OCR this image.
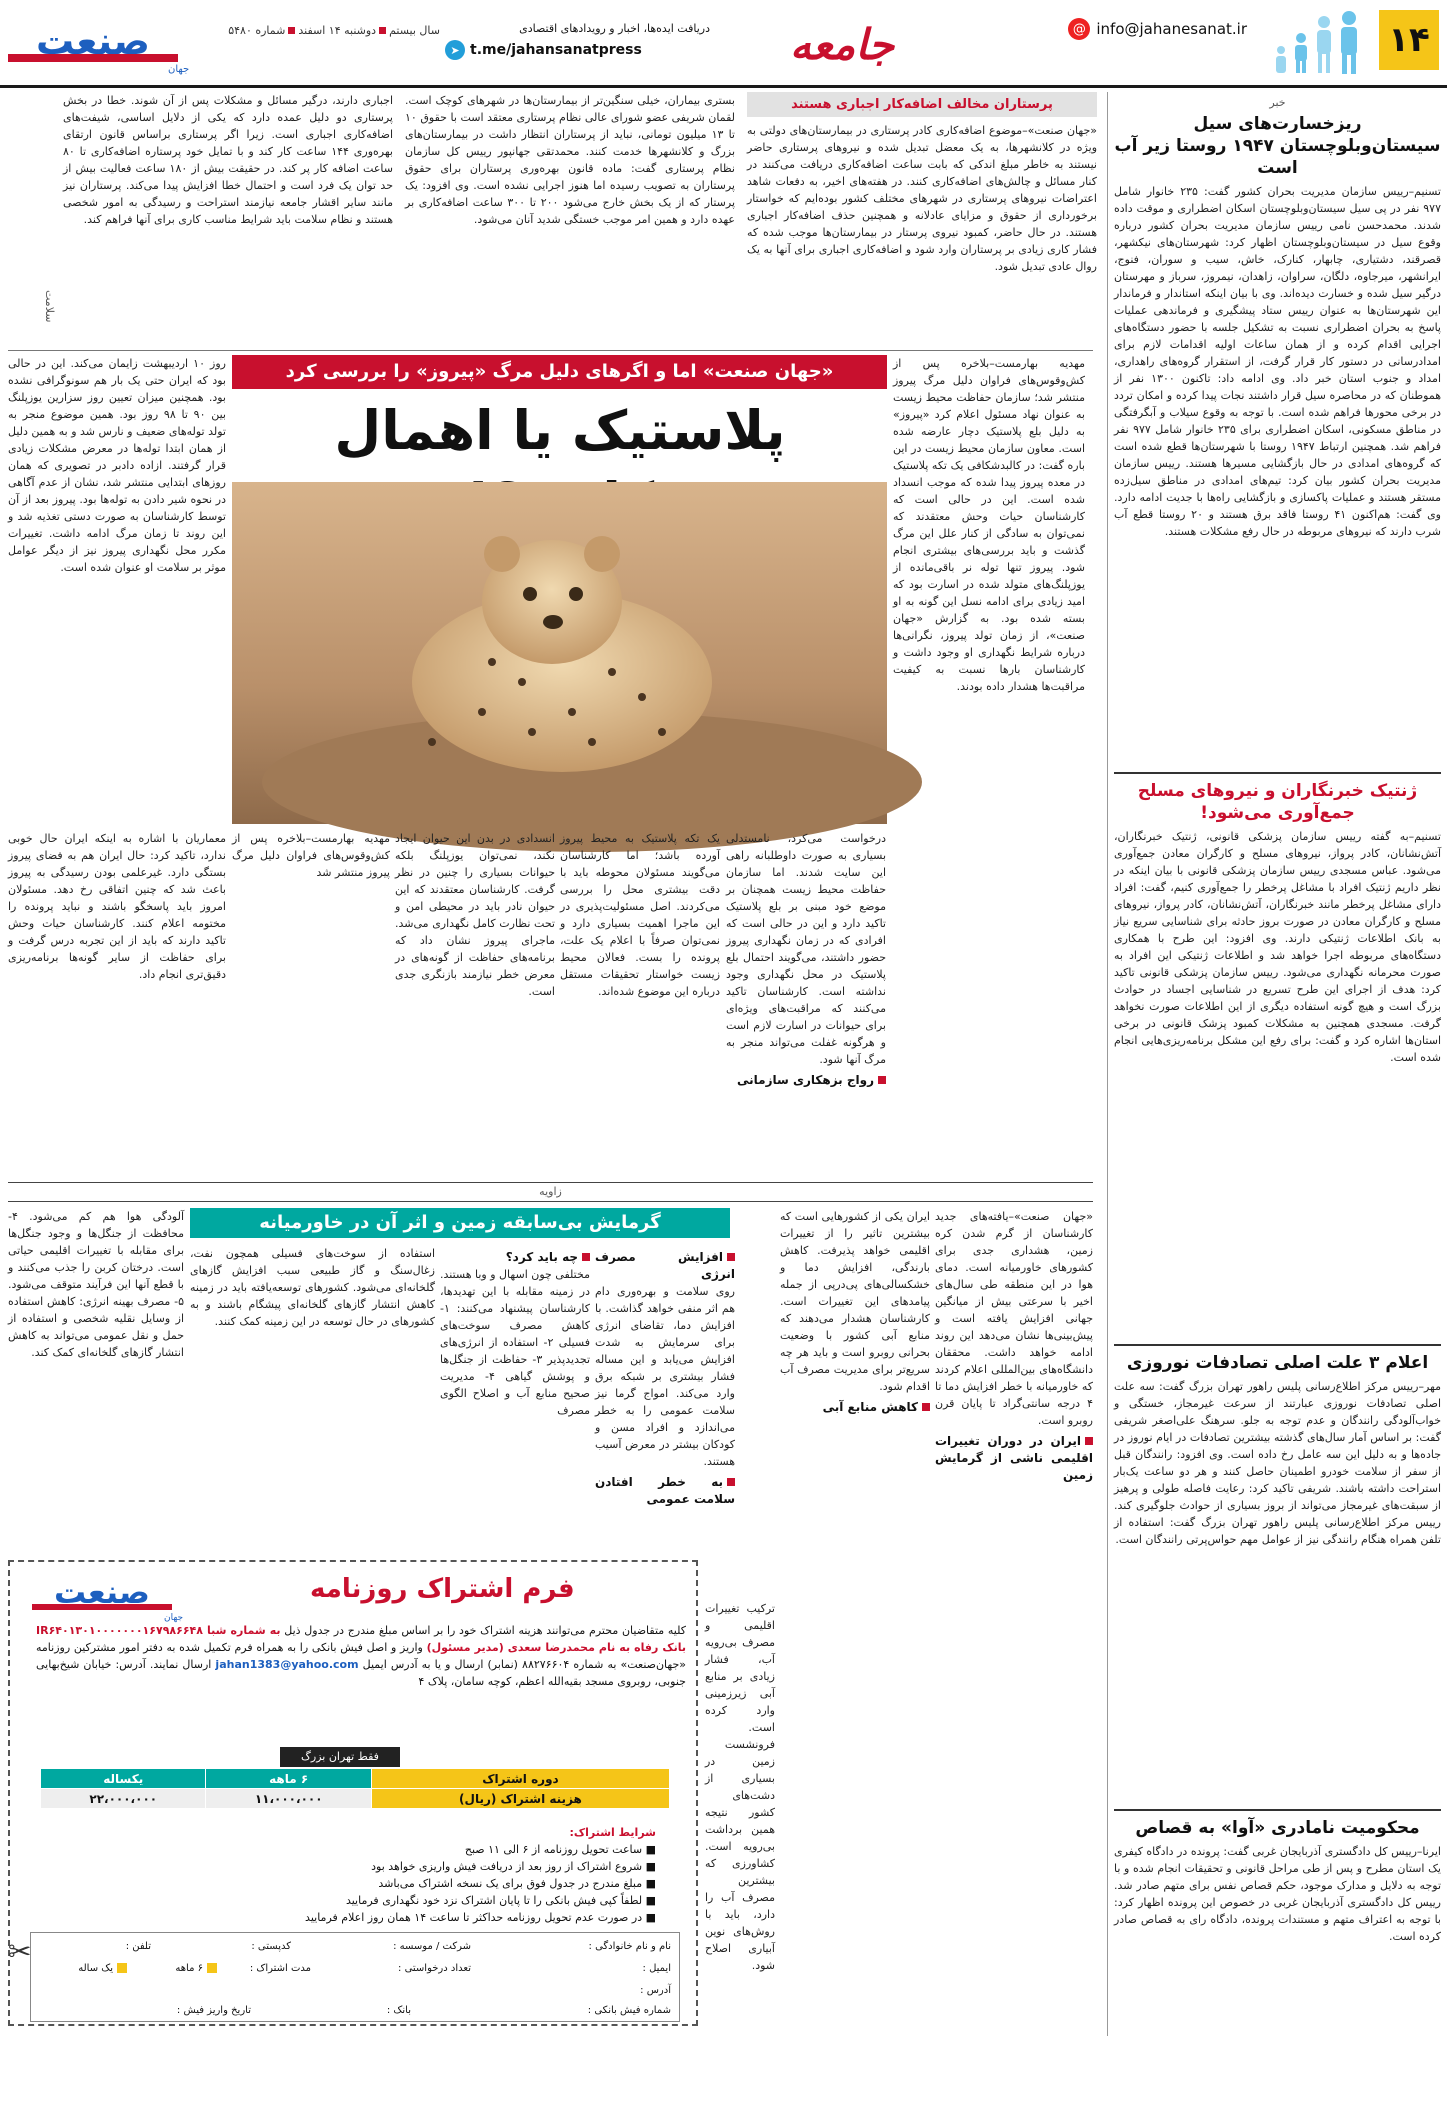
۱۴
@ info@jahanesanat.ir
جامعه
دریافت ایده‌ها، اخبار و رویدادهای اقتصادی
t.me/jahansanatpress
➤
سال بیستمدوشنبه ۱۴ اسفندشماره ۵۴۸۰
صنعت
جهان
خبر
ریزخسارت‌های سیل سیستان‌وبلوچستان ۱۹۴۷ روستا زیر آب است
تسنیم–رییس سازمان مدیریت بحران کشور گفت: ۲۳۵ خانوار شامل ۹۷۷ نفر در پی سیل سیستان‌وبلوچستان اسکان اضطراری و موقت داده شدند. محمدحسن نامی رییس سازمان مدیریت بحران کشور درباره وقوع سیل در سیستان‌وبلوچستان اظهار کرد: شهرستان‌های نیکشهر، قصرقند، دشتیاری، چابهار، کنارک، خاش، سیب و سوران، فنوج، ایرانشهر، میرجاوه، دلگان، سراوان، زاهدان، نیمروز، سرباز و مهرستان درگیر سیل شده و خسارت دیده‌اند. وی با بیان اینکه استاندار و فرماندار این شهرستان‌ها به عنوان رییس ستاد پیشگیری و فرماندهی عملیات پاسخ به بحران اضطراری نسبت به تشکیل جلسه با حضور دستگاه‌های اجرایی اقدام کرده و از همان ساعات اولیه اقدامات لازم برای امدادرسانی در دستور کار قرار گرفت، از استقرار گروه‌های راهداری، امداد و جنوب استان خبر داد. وی ادامه داد: تاکنون ۱۳۰۰ نفر از هموطنان که در محاصره سیل قرار داشتند نجات پیدا کرده و امکان تردد در برخی محورها فراهم شده است. با توجه به وقوع سیلاب و آبگرفتگی در مناطق مسکونی، اسکان اضطراری برای ۲۳۵ خانوار شامل ۹۷۷ نفر فراهم شد. همچنین ارتباط ۱۹۴۷ روستا با شهرستان‌ها قطع شده است که گروه‌های امدادی در حال بازگشایی مسیرها هستند. رییس سازمان مدیریت بحران کشور بیان کرد: تیم‌های امدادی در مناطق سیل‌زده مستقر هستند و عملیات پاکسازی و بازگشایی راه‌ها با جدیت ادامه دارد. وی گفت: هم‌اکنون ۴۱ روستا فاقد برق هستند و ۲۰ روستا قطع آب شرب دارند که نیروهای مربوطه در حال رفع مشکلات هستند.
ژنتیک خبرنگاران و نیروهای مسلح جمع‌آوری می‌شود!
تسنیم–به گفته رییس سازمان پزشکی قانونی، ژنتیک خبرنگاران، آتش‌نشانان، کادر پرواز، نیروهای مسلح و کارگران معادن جمع‌آوری می‌شود. عباس مسجدی رییس سازمان پزشکی قانونی با بیان اینکه در نظر داریم ژنتیک افراد با مشاغل پرخطر را جمع‌آوری کنیم، گفت: افراد دارای مشاغل پرخطر مانند خبرنگاران، آتش‌نشانان، کادر پرواز، نیروهای مسلح و کارگران معادن در صورت بروز حادثه برای شناسایی سریع نیاز به بانک اطلاعات ژنتیکی دارند. وی افزود: این طرح با همکاری دستگاه‌های مربوطه اجرا خواهد شد و اطلاعات ژنتیکی این افراد به صورت محرمانه نگهداری می‌شود. رییس سازمان پزشکی قانونی تاکید کرد: هدف از اجرای این طرح تسریع در شناسایی اجساد در حوادث بزرگ است و هیچ گونه استفاده دیگری از این اطلاعات صورت نخواهد گرفت. مسجدی همچنین به مشکلات کمبود پزشک قانونی در برخی استان‌ها اشاره کرد و گفت: برای رفع این مشکل برنامه‌ریزی‌هایی انجام شده است.
اعلام ۳ علت اصلی تصادفات نوروزی
مهر–رییس مرکز اطلاع‌رسانی پلیس راهور تهران بزرگ گفت: سه علت اصلی تصادفات نوروزی عبارتند از سرعت غیرمجاز، خستگی و خواب‌آلودگی رانندگان و عدم توجه به جلو. سرهنگ علی‌اصغر شریفی گفت: بر اساس آمار سال‌های گذشته بیشترین تصادفات در ایام نوروز در جاده‌ها و به دلیل این سه عامل رخ داده است. وی افزود: رانندگان قبل از سفر از سلامت خودرو اطمینان حاصل کنند و هر دو ساعت یک‌بار استراحت داشته باشند. شریفی تاکید کرد: رعایت فاصله طولی و پرهیز از سبقت‌های غیرمجاز می‌تواند از بروز بسیاری از حوادث جلوگیری کند. رییس مرکز اطلاع‌رسانی پلیس راهور تهران بزرگ گفت: استفاده از تلفن همراه هنگام رانندگی نیز از عوامل مهم حواس‌پرتی رانندگان است.
محکومیت نامادری «آوا» به قصاص
ایرنا–رییس کل دادگستری آذربایجان غربی گفت: پرونده در دادگاه کیفری یک استان مطرح و پس از طی مراحل قانونی و تحقیقات انجام شده و با توجه به دلایل و مدارک موجود، حکم قصاص نفس برای متهم صادر شد. رییس کل دادگستری آذربایجان غربی در خصوص این پرونده اظهار کرد: با توجه به اعتراف متهم و مستندات پرونده، دادگاه رای به قصاص صادر کرده است.
پرستاران مخالف اضافه‌کار اجباری هستند
«جهان صنعت»–موضوع اضافه‌کاری کادر پرستاری در بیمارستان‌های دولتی به ویژه در کلانشهرها، به یک معضل تبدیل شده و نیروهای پرستاری حاضر نیستند به خاطر مبلغ اندکی که بابت ساعت اضافه‌کاری دریافت می‌کنند در کنار مسائل و چالش‌های اضافه‌کاری کنند. در هفته‌های اخیر، به دفعات شاهد اعتراضات نیروهای پرستاری در شهرهای مختلف کشور بوده‌ایم که خواستار برخورداری از حقوق و مزایای عادلانه و همچنین حذف اضافه‌کار اجباری هستند. در حال حاضر، کمبود نیروی پرستار در بیمارستان‌ها موجب شده که فشار کاری زیادی بر پرستاران وارد شود و اضافه‌کاری اجباری برای آنها به یک روال عادی تبدیل شود.
بستری بیماران، خیلی سنگین‌تر از بیمارستان‌ها در شهرهای کوچک است. لقمان شریفی عضو شورای عالی نظام پرستاری معتقد است با حقوق ۱۰ تا ۱۳ میلیون تومانی، نباید از پرستاران انتظار داشت در بیمارستان‌های بزرگ و کلانشهرها خدمت کنند. محمدتقی جهانپور رییس کل سازمان نظام پرستاری گفت: ماده قانون بهره‌وری پرستاران برای حقوق پرستاران به تصویب رسیده اما هنوز اجرایی نشده است. وی افزود: یک پرستار که از یک بخش خارج می‌شود ۲۰۰ تا ۳۰۰ ساعت اضافه‌کاری بر عهده دارد و همین امر موجب خستگی شدید آنان می‌شود.
اجباری دارند، درگیر مسائل و مشکلات پس از آن شوند. خطا در بخش پرستاری دو دلیل عمده دارد که یکی از دلایل اساسی، شیفت‌های اضافه‌کاری اجباری است. زیرا اگر پرستاری براساس قانون ارتقای بهره‌وری ۱۴۴ ساعت کار کند و با تمایل خود پرستاره اضافه‌کاری تا ۸۰ ساعت اضافه کار پر کند. در حقیقت بیش از ۱۸۰ ساعت فعالیت بیش از حد توان یک فرد است و احتمال خطا افزایش پیدا می‌کند. پرستاران نیز مانند سایر اقشار جامعه نیازمند استراحت و رسیدگی به امور شخصی هستند و نظام سلامت باید شرایط مناسب کاری برای آنها فراهم کند.
سلامت
«جهان صنعت» اما و اگرهای دلیل مرگ «پیروز» را بررسی کرد
پلاستیک یا اهمال
مهدیه بهارمست–بلاخره پس از کش‌وقوس‌های فراوان دلیل مرگ پیروز منتشر شد؛ سازمان حفاظت محیط زیست به عنوان نهاد مسئول اعلام کرد «پیروز» به دلیل بلع پلاستیک دچار عارضه شده است. معاون سازمان محیط زیست در این باره گفت: در کالبدشکافی یک تکه پلاستیک در معده پیروز پیدا شده که موجب انسداد شده است. این در حالی است که کارشناسان حیات وحش معتقدند که نمی‌توان به سادگی از کنار علل این مرگ گذشت و باید بررسی‌های بیشتری انجام شود. پیروز تنها توله نر باقی‌مانده از یوزپلنگ‌های متولد شده در اسارت بود که امید زیادی برای ادامه نسل این گونه به او بسته شده بود. به گزارش «جهان صنعت»، از زمان تولد پیروز، نگرانی‌ها درباره شرایط نگهداری او وجود داشت و کارشناسان بارها نسبت به کیفیت مراقبت‌ها هشدار داده بودند.
روز ۱۰ اردیبهشت زایمان می‌کند. این در حالی بود که ایران حتی یک بار هم سونوگرافی نشده بود. همچنین میزان تعیین روز سزارین یوزپلنگ بین ۹۰ تا ۹۸ روز بود. همین موضوع منجر به تولد توله‌های ضعیف و نارس شد و به همین دلیل از همان ابتدا توله‌ها در معرض مشکلات زیادی قرار گرفتند. ازاده دادبر در تصویری که همان روزهای ابتدایی منتشر شد، نشان از عدم آگاهی در نحوه شیر دادن به توله‌ها بود. پیروز بعد از آن توسط کارشناسان به صورت دستی تغذیه شد و این روند تا زمان مرگ ادامه داشت. تغییرات مکرر محل نگهداری پیروز نیز از دیگر عوامل موثر بر سلامت او عنوان شده است.
معماریان با اشاره به اینکه ایران حال خوبی ندارد، تاکید کرد: حال ایران هم به فضای پیروز بستگی دارد. غیرعلمی بودن رسیدگی به پیروز باعث شد که چنین اتفاقی رخ دهد. مسئولان امروز باید پاسخگو باشند و نباید پرونده را مختومه اعلام کنند. کارشناسان حیات وحش تاکید دارند که باید از این تجربه درس گرفت و برای حفاظت از سایر گونه‌ها برنامه‌ریزی دقیق‌تری انجام داد.
درخواست می‌کرد، نامستدلی بسیاری به صورت داوطلبانه راهی این سایت شدند. اما سازمان حفاظت محیط زیست همچنان بر موضع خود مبنی بر بلع پلاستیک تاکید دارد و این در حالی است که افرادی که در زمان نگهداری پیروز حضور داشتند، می‌گویند احتمال بلع پلاستیک در محل نگهداری وجود نداشته است. کارشناسان تاکید می‌کنند که مراقبت‌های ویژه‌ای برای حیوانات در اسارت لازم است و هرگونه غفلت می‌تواند منجر به مرگ آنها شود.
رواج بزهکاری سازمانی
یک تکه پلاستیک به محیط پیروز آورده باشد؛ اما کارشناسان می‌گویند مسئولان محوطه باید با دقت بیشتری محل را بررسی می‌کردند. اصل مسئولیت‌پذیری در این ماجرا اهمیت بسیاری دارد و نمی‌توان صرفاً با اعلام یک علت، پرونده را بست. فعالان محیط زیست خواستار تحقیقات مستقل درباره این موضوع شده‌اند.
انسدادی در بدن این حیوان ایجاد نکند، نمی‌توان یوزپلنگ بلکه حیوانات بسیاری را چنین در نظر گرفت. کارشناسان معتقدند که این حیوان نادر باید در محیطی امن و تحت نظارت کامل نگهداری می‌شد. ماجرای پیروز نشان داد که برنامه‌های حفاظت از گونه‌های در معرض خطر نیازمند بازنگری جدی است.
مهدیه بهارمست–بلاخره پس از کش‌وقوس‌های فراوان دلیل مرگ پیروز منتشر شد
زاویه
گرمایش بی‌سابقه زمین و اثر آن در خاورمیانه	«جهان صنعت»–یافته‌های جدید کارشناسان از گرم شدن کره زمین، هشداری جدی برای کشورهای خاورمیانه است. دمای هوا در این منطقه طی سال‌های اخیر با سرعتی بیش از میانگین جهانی افزایش یافته است و پیش‌بینی‌ها نشان می‌دهد این روند ادامه خواهد داشت. محققان دانشگاه‌های بین‌المللی اعلام کردند که خاورمیانه با خطر افزایش دما تا ۴ درجه سانتی‌گراد تا پایان قرن روبرو است.
ایران در دوران تغییرات اقلیمی ناشی از گرمایش زمین
ایران یکی از کشورهایی است که بیشترین تاثیر را از تغییرات اقلیمی خواهد پذیرفت. کاهش بارندگی، افزایش دما و خشکسالی‌های پی‌درپی از جمله پیامدهای این تغییرات است. کارشناسان هشدار می‌دهند که منابع آبی کشور با وضعیت بحرانی روبرو است و باید هر چه سریع‌تر برای مدیریت مصرف آب اقدام شود.
کاهش منابع آبی
ترکیب تغییرات اقلیمی و مصرف بی‌رویه آب، فشار زیادی بر منابع آبی زیرزمینی وارد کرده است. فرونشست زمین در بسیاری از دشت‌های کشور نتیجه همین برداشت بی‌رویه است. کشاورزی که بیشترین مصرف آب را دارد، باید با روش‌های نوین آبیاری اصلاح شود.
افزایش مصرف انرژی
روی سلامت و بهره‌وری دام هم اثر منفی خواهد گذاشت. با افزایش دما، تقاضای انرژی برای سرمایش به شدت افزایش می‌یابد و این مساله فشار بیشتری بر شبکه برق وارد می‌کند. امواج گرما نیز سلامت عمومی را به خطر می‌اندازد و افراد مسن و کودکان بیشتر در معرض آسیب هستند.
به خطر افتادن سلامت عمومی
چه باید کرد؟
مختلفی چون اسهال و وبا هستند. در زمینه مقابله با این تهدیدها، کارشناسان پیشنهاد می‌کنند: ۱- کاهش مصرف سوخت‌های فسیلی ۲- استفاده از انرژی‌های تجدیدپذیر ۳- حفاظت از جنگل‌ها و پوشش گیاهی ۴- مدیریت صحیح منابع آب و اصلاح الگوی مصرف
استفاده از سوخت‌های فسیلی همچون نفت، زغال‌سنگ و گاز طبیعی سبب افزایش گازهای گلخانه‌ای می‌شود. کشورهای توسعه‌یافته باید در زمینه کاهش انتشار گازهای گلخانه‌ای پیشگام باشند و به کشورهای در حال توسعه در این زمینه کمک کنند.
آلودگی هوا هم کم می‌شود. ۴- محافظت از جنگل‌ها و وجود جنگل‌ها برای مقابله با تغییرات اقلیمی حیاتی است. درختان کربن را جذب می‌کنند و با قطع آنها این فرآیند متوقف می‌شود. ۵- مصرف بهینه انرژی: کاهش استفاده از وسایل نقلیه شخصی و استفاده از حمل و نقل عمومی می‌تواند به کاهش انتشار گازهای گلخانه‌ای کمک کند.
فرم اشتراک روزنامه
صنعت
جهان
کلیه متقاضیان محترم می‌توانند هزینه اشتراک خود را بر اساس مبلغ مندرج در جدول ذیل به شماره شبا IR۶۴۰۱۳۰۱۰۰۰۰۰۰۰۱۶۷۹۸۶۶۴۸ بانک رفاه به نام محمدرضا سعدی (مدیر مسئول) واریز و اصل فیش بانکی را به همراه فرم تکمیل شده به دفتر امور مشترکین روزنامه «جهان‌صنعت» به شماره ۸۸۲۷۶۶۰۴ (نمابر) ارسال و یا به آدرس ایمیل jahan1383@yahoo.com ارسال نمایند. آدرس: خیابان شیخ‌بهایی جنوبی، روبروی مسجد بقیه‌الله اعظم، کوچه سامان، پلاک ۴
فقط تهران بزرگ
دوره اشتراک	۶ ماهه	یکساله
هزینه اشتراک (ریال)	۱۱،۰۰۰،۰۰۰	۲۲،۰۰۰،۰۰۰
شرایط اشتراک:
■ ساعت تحویل روزنامه از ۶ الی ۱۱ صبح
■ شروع اشتراک از روز بعد از دریافت فیش واریزی خواهد بود
■ مبلغ مندرج در جدول فوق برای یک نسخه اشتراک می‌باشد
■ لطفاً کپی فیش بانکی را تا پایان اشتراک نزد خود نگهداری فرمایید
■ در صورت عدم تحویل روزنامه حداکثر تا ساعت ۱۴ همان روز اعلام فرمایید
نام و نام خانوادگی :
شرکت / موسسه :
کدپستی :
تلفن :
ایمیل :
تعداد درخواستی :
مدت اشتراک :
۶ ماهه
یک ساله
آدرس :
شماره فیش بانکی :
بانک :
تاریخ واریز فیش :
✂
